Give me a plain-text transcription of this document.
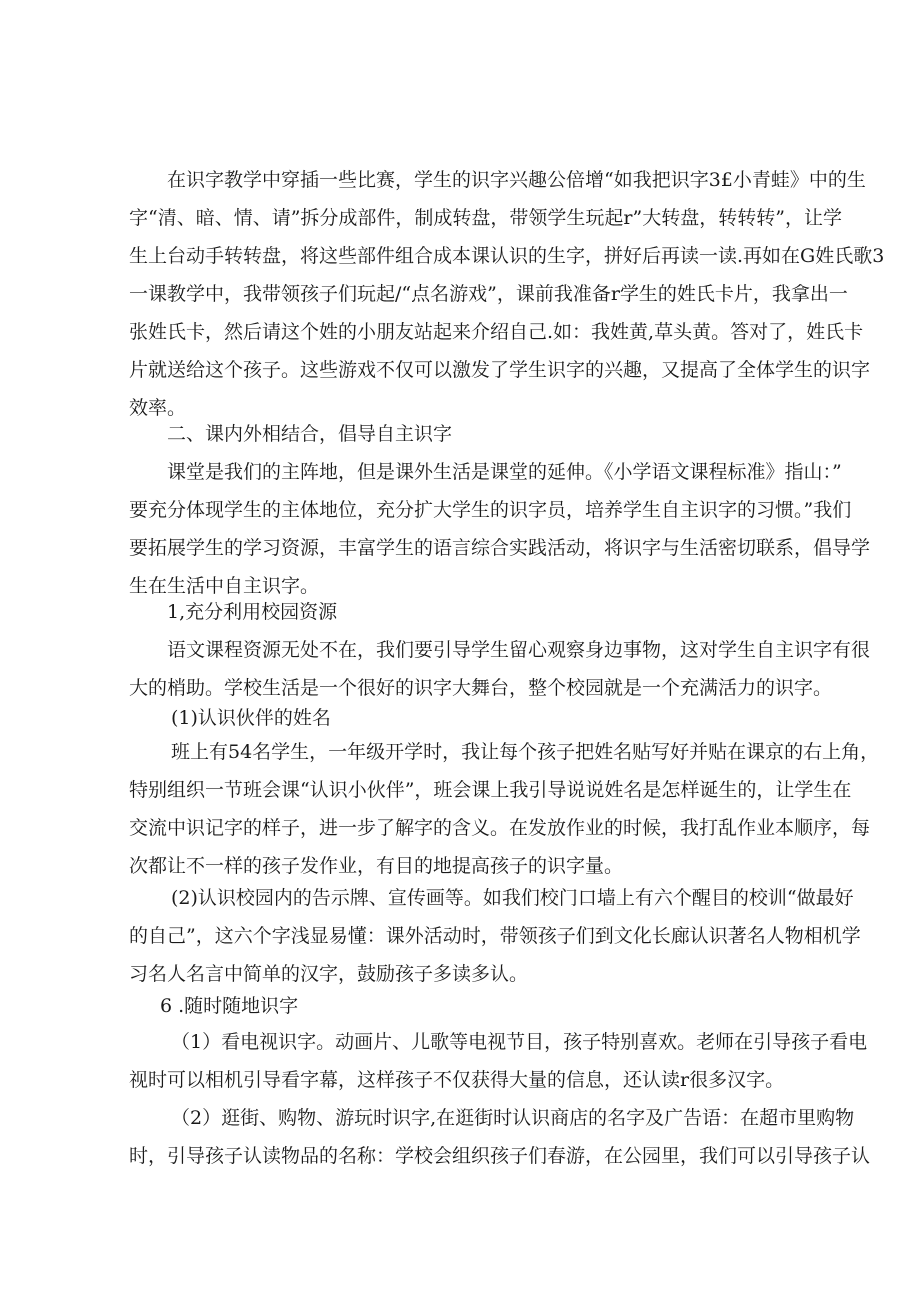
在识字教学中穿插一些比赛，学生的识字兴趣公倍增“如我把识字3£小青蛙》中的生

字“清、暗、情、请”拆分成部件，制成转盘，带领学生玩起r”大转盘，转转转”，让学

生上台动手转转盘，将这些部件组合成本课认识的生字，拼好后再读一读.再如在G姓氏歌3

一课教学中，我带领孩子们玩起/“点名游戏”，课前我准备r学生的姓氏卡片，我拿出一

张姓氏卡，然后请这个姓的小朋友站起来介绍自己.如：我姓黄,草头黄。答对了，姓氏卡

片就送给这个孩子。这些游戏不仅可以激发了学生识字的兴趣，又提高了全体学生的识字

效率。

二、课内外相结合，倡导自主识字

课堂是我们的主阵地，但是课外生活是课堂的延伸。《小学语文课程标准》指山：”

要充分体现学生的主体地位，充分扩大学生的识字员，培养学生自主识字的习惯。”我们

要拓展学生的学习资源，丰富学生的语言综合实践活动，将识字与生活密切联系，倡导学

生在生活中自主识字。

1,充分利用校园资源

语文课程资源无处不在，我们要引导学生留心观察身边事物，这对学生自主识字有很

大的梢助。学校生活是一个很好的识字大舞台，整个校园就是一个充满活力的识字。

(1)认识伙伴的姓名

班上有54名学生，一年级开学时，我让每个孩子把姓名贴写好并贴在课京的右上角，

特别组织一节班会课“认识小伙伴”，班会课上我引导说说姓名是怎样诞生的，让学生在

交流中识记字的样子，进一步了解字的含义。在发放作业的时候，我打乱作业本顺序，每

次都让不一样的孩子发作业，有目的地提高孩子的识字量。

(2)认识校园内的告示牌、宣传画等。如我们校门口墙上有六个醒目的校训“做最好

的自己”，这六个字浅显易懂：课外活动时，带领孩子们到文化长廊认识著名人物相机学

习名人名言中简单的汉字，鼓励孩子多读多认。

6 .随时随地识字

（1）看电视识字。动画片、儿歌等电视节目，孩子特别喜欢。老师在引导孩子看电

视时可以相机引导看字幕，这样孩子不仅获得大量的信息，还认读r很多汉字。

（2）逛街、购物、游玩时识字,在逛街时认识商店的名字及广告语：在超市里购物

时，引导孩子认读物品的名称：学校会组织孩子们春游，在公园里，我们可以引导孩子认
